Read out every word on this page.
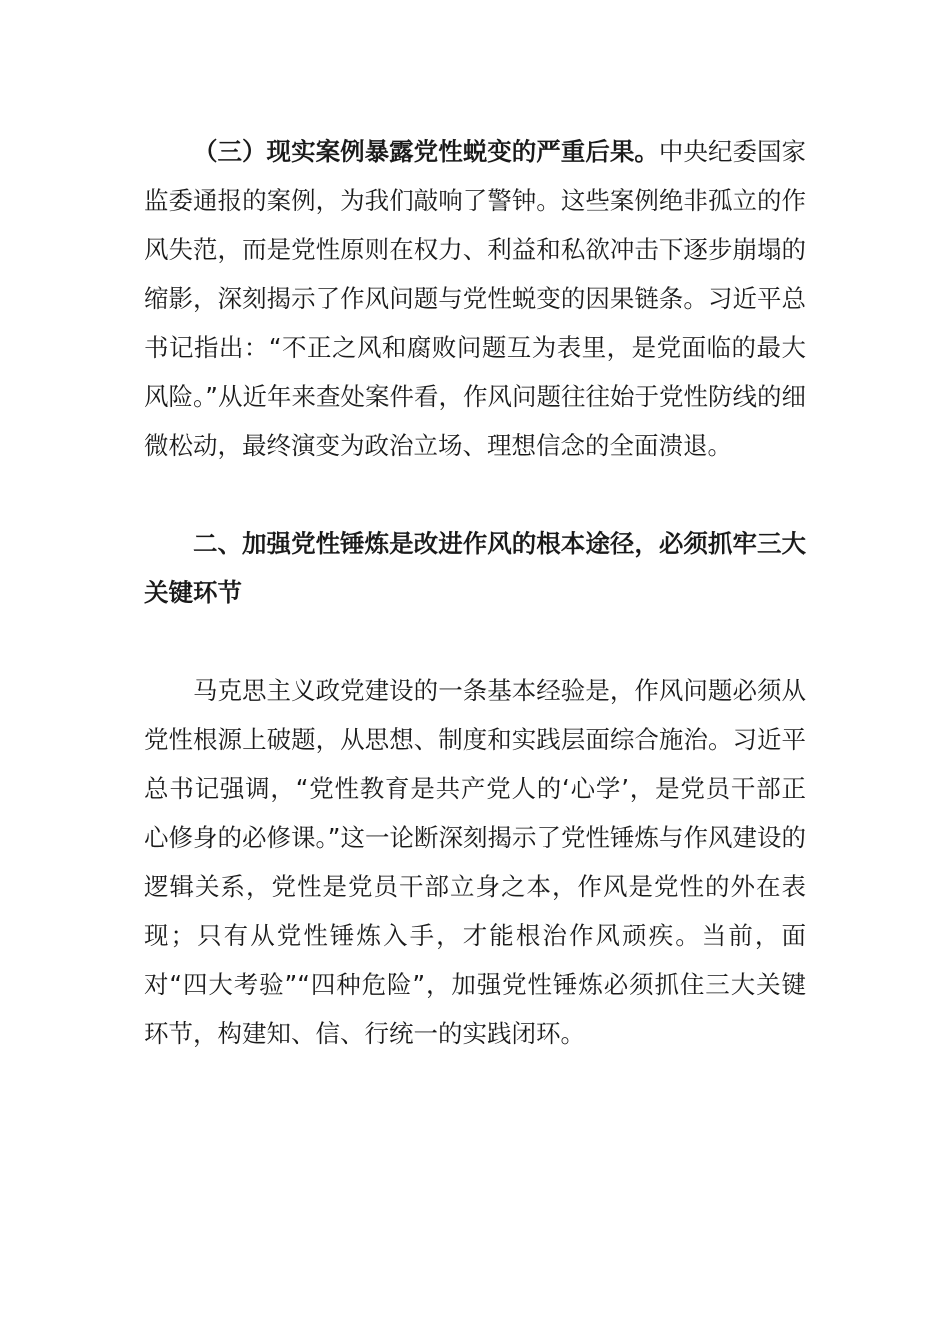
（三）现实案例暴露党性蜕变的严重后果。中央纪委国家监委通报的案例，为我们敲响了警钟。这些案例绝非孤立的作风失范，而是党性原则在权力、利益和私欲冲击下逐步崩塌的缩影，深刻揭示了作风问题与党性蜕变的因果链条。习近平总书记指出：“不正之风和腐败问题互为表里，是党面临的最大风险。”从近年来查处案件看，作风问题往往始于党性防线的细微松动，最终演变为政治立场、理想信念的全面溃退。

二、加强党性锤炼是改进作风的根本途径，必须抓牢三大关键环节

马克思主义政党建设的一条基本经验是，作风问题必须从党性根源上破题，从思想、制度和实践层面综合施治。习近平总书记强调，“党性教育是共产党人的‘心学’，是党员干部正心修身的必修课。”这一论断深刻揭示了党性锤炼与作风建设的逻辑关系，党性是党员干部立身之本，作风是党性的外在表现；只有从党性锤炼入手，才能根治作风顽疾。当前，面对“四大考验”“四种危险”，加强党性锤炼必须抓住三大关键环节，构建知、信、行统一的实践闭环。
